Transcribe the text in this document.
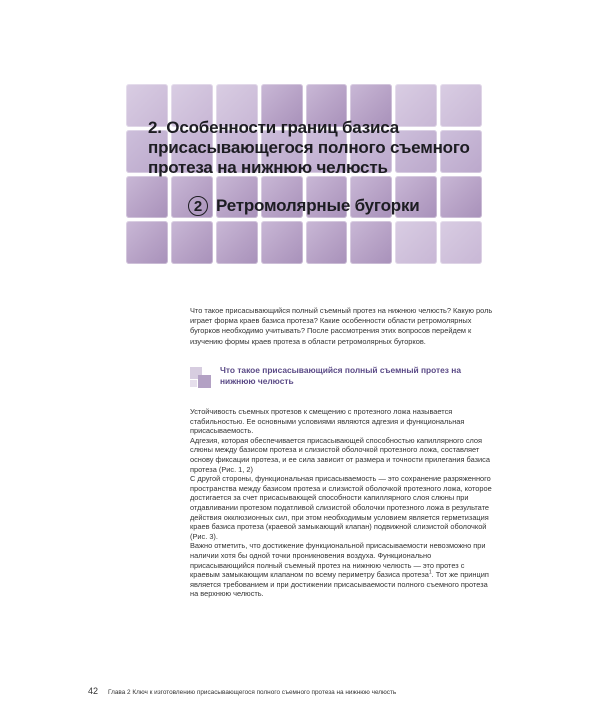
2. Особенности границ базиса присасывающегося полного съемного протеза на нижнюю челюсть
2 Ретромолярные бугорки

Что такое присасывающийся полный съемный протез на нижнюю челюсть? Какую роль играет форма краев базиса протеза? Какие особенности области ретромолярных бугорков необходимо учитывать? После рассмотрения этих вопросов перейдем к изучению формы краев протеза в области ретромолярных бугорков.

Что такое присасывающийся полный съемный протез на нижнюю челюсть

Устойчивость съемных протезов к смещению с протезного ложа называется стабильностью. Ее основными условиями являются адгезия и функциональная присасываемость.

Адгезия, которая обеспечивается присасывающей способностью капиллярного слоя слюны между базисом протеза и слизистой оболочкой протезного ложа, составляет основу фиксации протеза, и ее сила зависит от размера и точности прилегания базиса протеза (Рис. 1, 2)

С другой стороны, функциональная присасываемость — это сохранение разряженного пространства между базисом протеза и слизистой оболочкой протезного ложа, которое достигается за счет присасывающей способности капиллярного слоя слюны при отдавливании протезом податливой слизистой оболочки протезного ложа в результате действия окклюзионных сил, при этом необходимым условием является герметизация краев базиса протеза (краевой замыкающий клапан) подвижной слизистой оболочкой (Рис. 3).

Важно отметить, что достижение функциональной присасываемости невозможно при наличии хотя бы одной точки проникновения воздуха. Функционально присасывающийся полный съемный протез на нижнюю челюсть — это протез с краевым замыкающим клапаном по всему периметру базиса протеза$^1$. Тот же принцип является требованием и при достижении присасываемости полного съемного протеза на верхнюю челюсть.

42 Глава 2 Ключ к изготовлению присасывающегося полного съемного протеза на нижнюю челюсть
